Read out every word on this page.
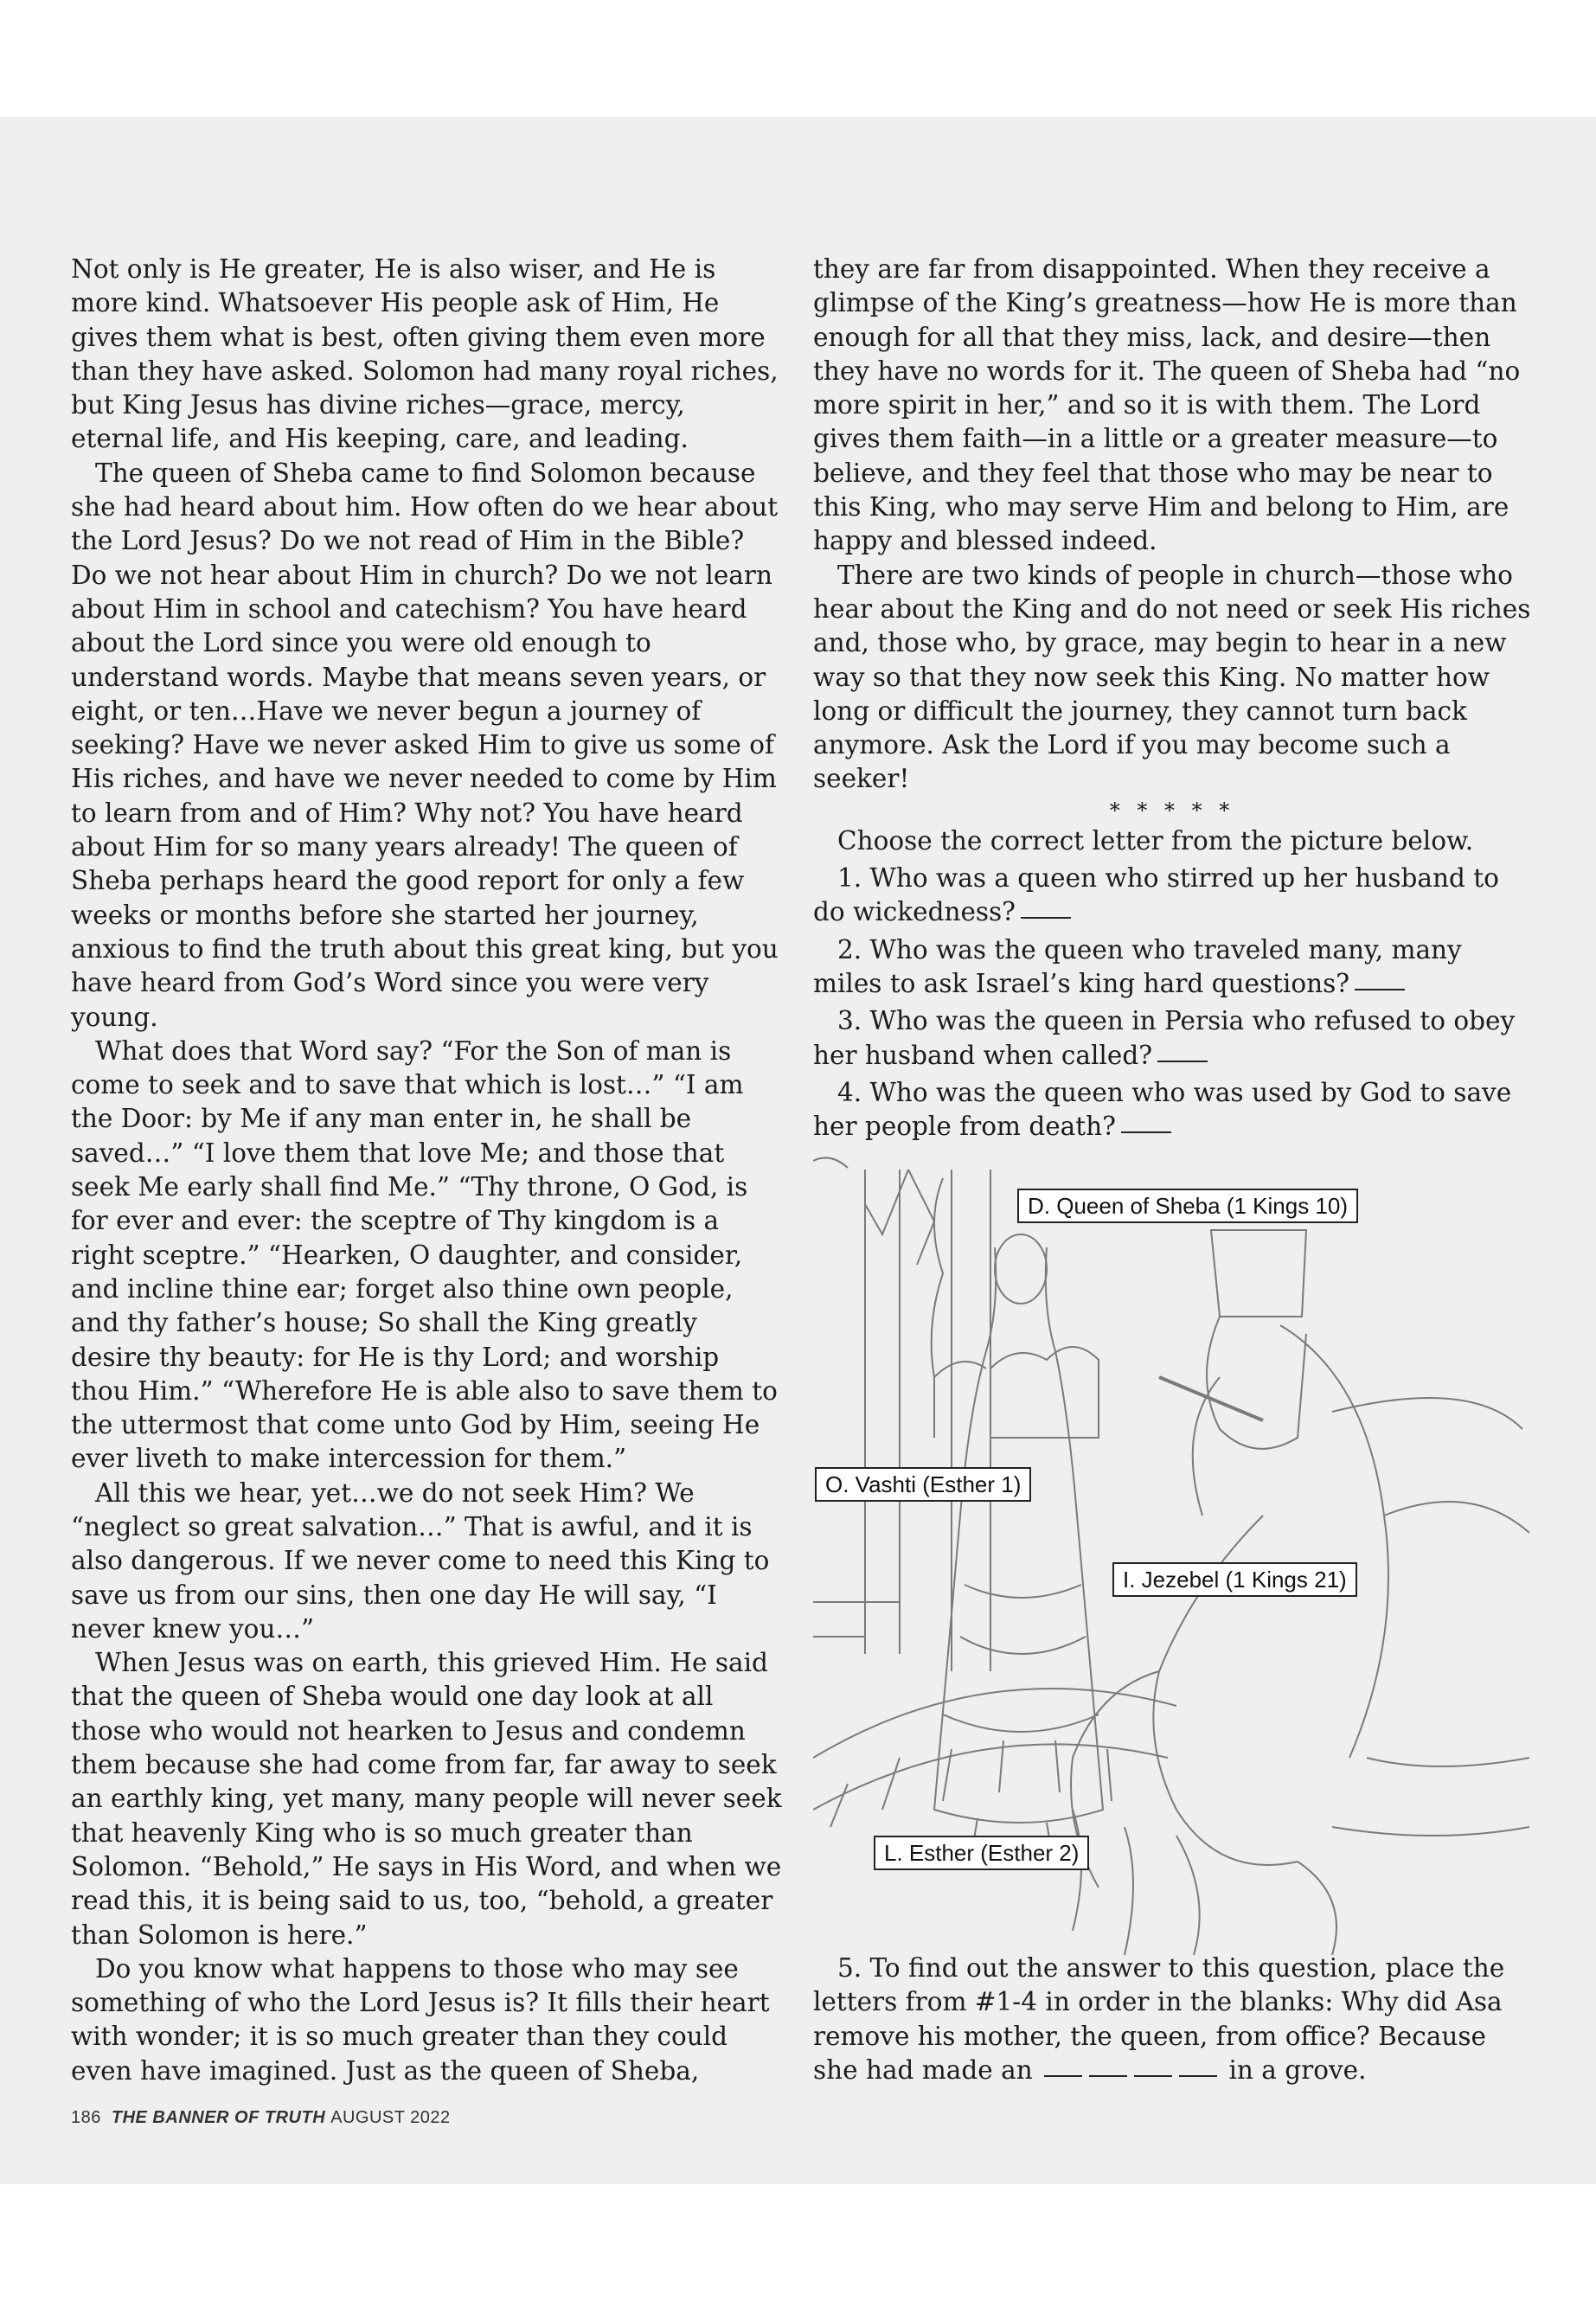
Not only is He greater, He is also wiser, and He is more kind. Whatsoever His people ask of Him, He gives them what is best, often giving them even more than they have asked. Solomon had many royal riches, but King Jesus has divine riches—grace, mercy, eternal life, and His keeping, care, and leading.

The queen of Sheba came to find Solomon because she had heard about him. How often do we hear about the Lord Jesus? Do we not read of Him in the Bible? Do we not hear about Him in church? Do we not learn about Him in school and catechism? You have heard about the Lord since you were old enough to understand words. Maybe that means seven years, or eight, or ten…Have we never begun a journey of seeking? Have we never asked Him to give us some of His riches, and have we never needed to come by Him to learn from and of Him? Why not? You have heard about Him for so many years already! The queen of Sheba perhaps heard the good report for only a few weeks or months before she started her journey, anxious to find the truth about this great king, but you have heard from God’s Word since you were very young.

What does that Word say? “For the Son of man is come to seek and to save that which is lost…” “I am the Door: by Me if any man enter in, he shall be saved…” “I love them that love Me; and those that seek Me early shall find Me.” “Thy throne, O God, is for ever and ever: the sceptre of Thy kingdom is a right sceptre.” “Hearken, O daughter, and consider, and incline thine ear; forget also thine own people, and thy father’s house; So shall the King greatly desire thy beauty: for He is thy Lord; and worship thou Him.” “Wherefore He is able also to save them to the uttermost that come unto God by Him, seeing He ever liveth to make intercession for them.”

All this we hear, yet…we do not seek Him? We “neglect so great salvation…” That is awful, and it is also dangerous. If we never come to need this King to save us from our sins, then one day He will say, “I never knew you…”

When Jesus was on earth, this grieved Him. He said that the queen of Sheba would one day look at all those who would not hearken to Jesus and condemn them because she had come from far, far away to seek an earthly king, yet many, many people will never seek that heavenly King who is so much greater than Solomon. “Behold,” He says in His Word, and when we read this, it is being said to us, too, “behold, a greater than Solomon is here.”

Do you know what happens to those who may see something of who the Lord Jesus is? It fills their heart with wonder; it is so much greater than they could even have imagined. Just as the queen of Sheba,

they are far from disappointed. When they receive a glimpse of the King’s greatness—how He is more than enough for all that they miss, lack, and desire—then they have no words for it. The queen of Sheba had “no more spirit in her,” and so it is with them. The Lord gives them faith—in a little or a greater measure—to believe, and they feel that those who may be near to this King, who may serve Him and belong to Him, are happy and blessed indeed.

There are two kinds of people in church—those who hear about the King and do not need or seek His riches and, those who, by grace, may begin to hear in a new way so that they now seek this King. No matter how long or difficult the journey, they cannot turn back anymore. Ask the Lord if you may become such a seeker!

* * * * *

Choose the correct letter from the picture below.

1. Who was a queen who stirred up her husband to do wickedness?

2. Who was the queen who traveled many, many miles to ask Israel’s king hard questions?

3. Who was the queen in Persia who refused to obey her husband when called?

4. Who was the queen who was used by God to save her people from death?

D. Queen of Sheba (1 Kings 10)
O. Vashti (Esther 1)
I. Jezebel (1 Kings 21)
L. Esther (Esther 2)

5. To find out the answer to this question, place the letters from #1-4 in order in the blanks: Why did Asa remove his mother, the queen, from office? Because she had made an	in a grove.

186 THE BANNER OF TRUTH AUGUST 2022
